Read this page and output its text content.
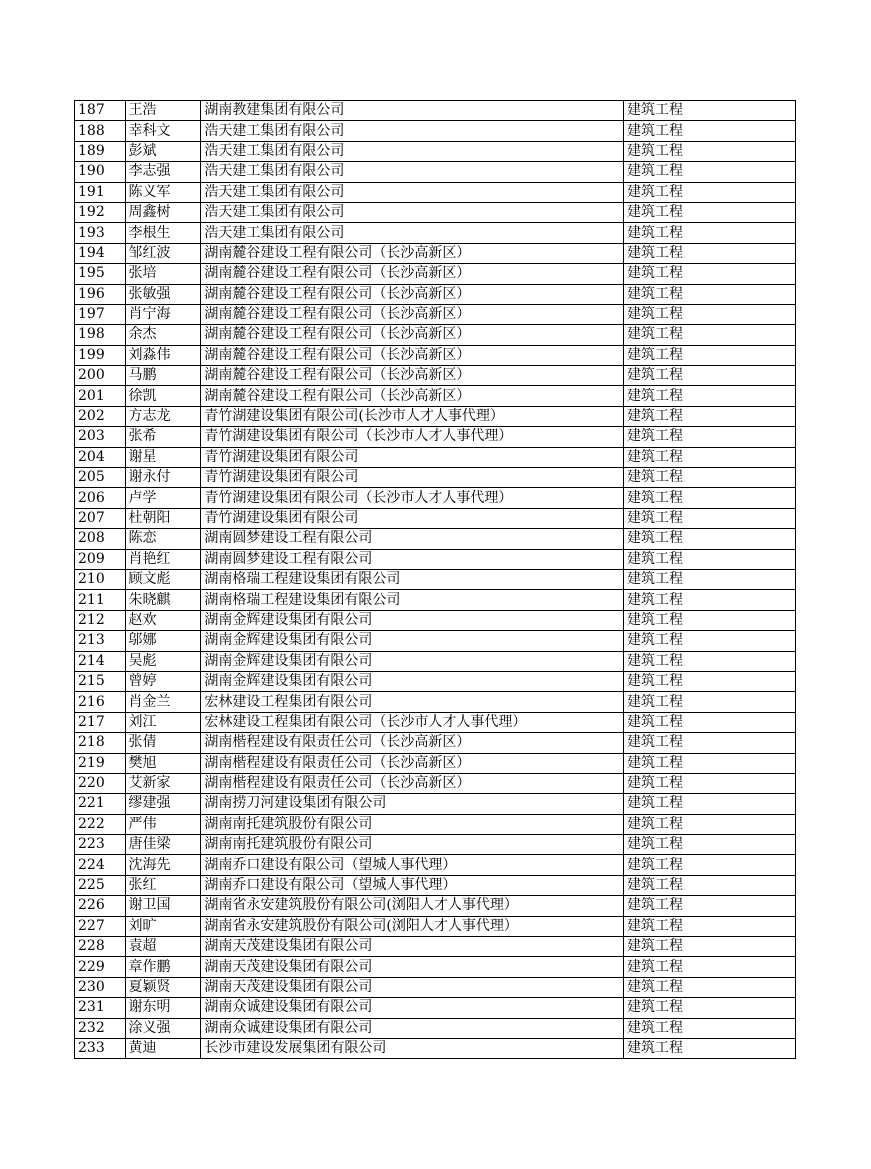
187	王浩	湖南教建集团有限公司	建筑工程
188	幸科文	浩天建工集团有限公司	建筑工程
189	彭斌	浩天建工集团有限公司	建筑工程
190	李志强	浩天建工集团有限公司	建筑工程
191	陈义军	浩天建工集团有限公司	建筑工程
192	周鑫树	浩天建工集团有限公司	建筑工程
193	李根生	浩天建工集团有限公司	建筑工程
194	邹红波	湖南麓谷建设工程有限公司（长沙高新区）	建筑工程
195	张培	湖南麓谷建设工程有限公司（长沙高新区）	建筑工程
196	张敏强	湖南麓谷建设工程有限公司（长沙高新区）	建筑工程
197	肖宁海	湖南麓谷建设工程有限公司（长沙高新区）	建筑工程
198	余杰	湖南麓谷建设工程有限公司（长沙高新区）	建筑工程
199	刘淼伟	湖南麓谷建设工程有限公司（长沙高新区）	建筑工程
200	马鹏	湖南麓谷建设工程有限公司（长沙高新区）	建筑工程
201	徐凯	湖南麓谷建设工程有限公司（长沙高新区）	建筑工程
202	方志龙	青竹湖建设集团有限公司(长沙市人才人事代理）	建筑工程
203	张希	青竹湖建设集团有限公司（长沙市人才人事代理）	建筑工程
204	谢星	青竹湖建设集团有限公司	建筑工程
205	谢永付	青竹湖建设集团有限公司	建筑工程
206	卢学	青竹湖建设集团有限公司（长沙市人才人事代理）	建筑工程
207	杜朝阳	青竹湖建设集团有限公司	建筑工程
208	陈恋	湖南圆梦建设工程有限公司	建筑工程
209	肖艳红	湖南圆梦建设工程有限公司	建筑工程
210	顾文彪	湖南格瑞工程建设集团有限公司	建筑工程
211	朱晓麒	湖南格瑞工程建设集团有限公司	建筑工程
212	赵欢	湖南金辉建设集团有限公司	建筑工程
213	邬娜	湖南金辉建设集团有限公司	建筑工程
214	吴彪	湖南金辉建设集团有限公司	建筑工程
215	曾婷	湖南金辉建设集团有限公司	建筑工程
216	肖金兰	宏林建设工程集团有限公司	建筑工程
217	刘江	宏林建设工程集团有限公司（长沙市人才人事代理）	建筑工程
218	张倩	湖南楷程建设有限责任公司（长沙高新区）	建筑工程
219	樊旭	湖南楷程建设有限责任公司（长沙高新区）	建筑工程
220	艾新家	湖南楷程建设有限责任公司（长沙高新区）	建筑工程
221	缪建强	湖南捞刀河建设集团有限公司	建筑工程
222	严伟	湖南南托建筑股份有限公司	建筑工程
223	唐佳梁	湖南南托建筑股份有限公司	建筑工程
224	沈海先	湖南乔口建设有限公司（望城人事代理）	建筑工程
225	张红	湖南乔口建设有限公司（望城人事代理）	建筑工程
226	谢卫国	湖南省永安建筑股份有限公司(浏阳人才人事代理）	建筑工程
227	刘旷	湖南省永安建筑股份有限公司(浏阳人才人事代理）	建筑工程
228	袁超	湖南天茂建设集团有限公司	建筑工程
229	章作鹏	湖南天茂建设集团有限公司	建筑工程
230	夏颖贤	湖南天茂建设集团有限公司	建筑工程
231	谢东明	湖南众诚建设集团有限公司	建筑工程
232	涂义强	湖南众诚建设集团有限公司	建筑工程
233	黄迪	长沙市建设发展集团有限公司	建筑工程
